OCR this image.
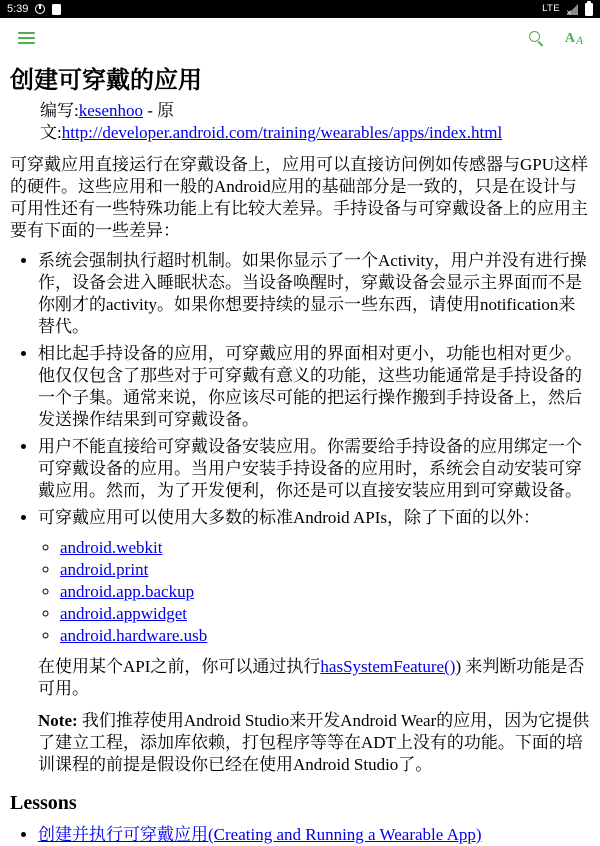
5:39	LTE ✕
AA
创建可穿戴的应用
编写:kesenhoo - 原文:http://developer.android.com/training/wearables/apps/index.html

可穿戴应用直接运行在穿戴设备上，应用可以直接访问例如传感器与GPU这样的硬件。这些应用和一般的Android应用的基础部分是一致的，只是在设计与可用性还有一些特殊功能上有比较大差异。手持设备与可穿戴设备上的应用主要有下面的一些差异：

• 系统会强制执行超时机制。如果你显示了一个Activity，用户并没有进行操作，设备会进入睡眠状态。当设备唤醒时，穿戴设备会显示主界面而不是你刚才的activity。如果你想要持续的显示一些东西，请使用notification来替代。
• 相比起手持设备的应用，可穿戴应用的界面相对更小，功能也相对更少。他仅仅包含了那些对于可穿戴有意义的功能，这些功能通常是手持设备的一个子集。通常来说，你应该尽可能的把运行操作搬到手持设备上，然后发送操作结果到可穿戴设备。
• 用户不能直接给可穿戴设备安装应用。你需要给手持设备的应用绑定一个可穿戴设备的应用。当用户安装手持设备的应用时，系统会自动安装可穿戴应用。然而，为了开发便利，你还是可以直接安装应用到可穿戴设备。
• 可穿戴应用可以使用大多数的标准Android APIs，除了下面的以外：
◦ android.webkit
◦ android.print
◦ android.app.backup
◦ android.appwidget
◦ android.hardware.usb

在使用某个API之前，你可以通过执行hasSystemFeature()) 来判断功能是否可用。

Note: 我们推荐使用Android Studio来开发Android Wear的应用，因为它提供了建立工程，添加库依赖，打包程序等等在ADT上没有的功能。下面的培训课程的前提是假设你已经在使用Android Studio了。

Lessons
• 创建并执行可穿戴应用(Creating and Running a Wearable App)
